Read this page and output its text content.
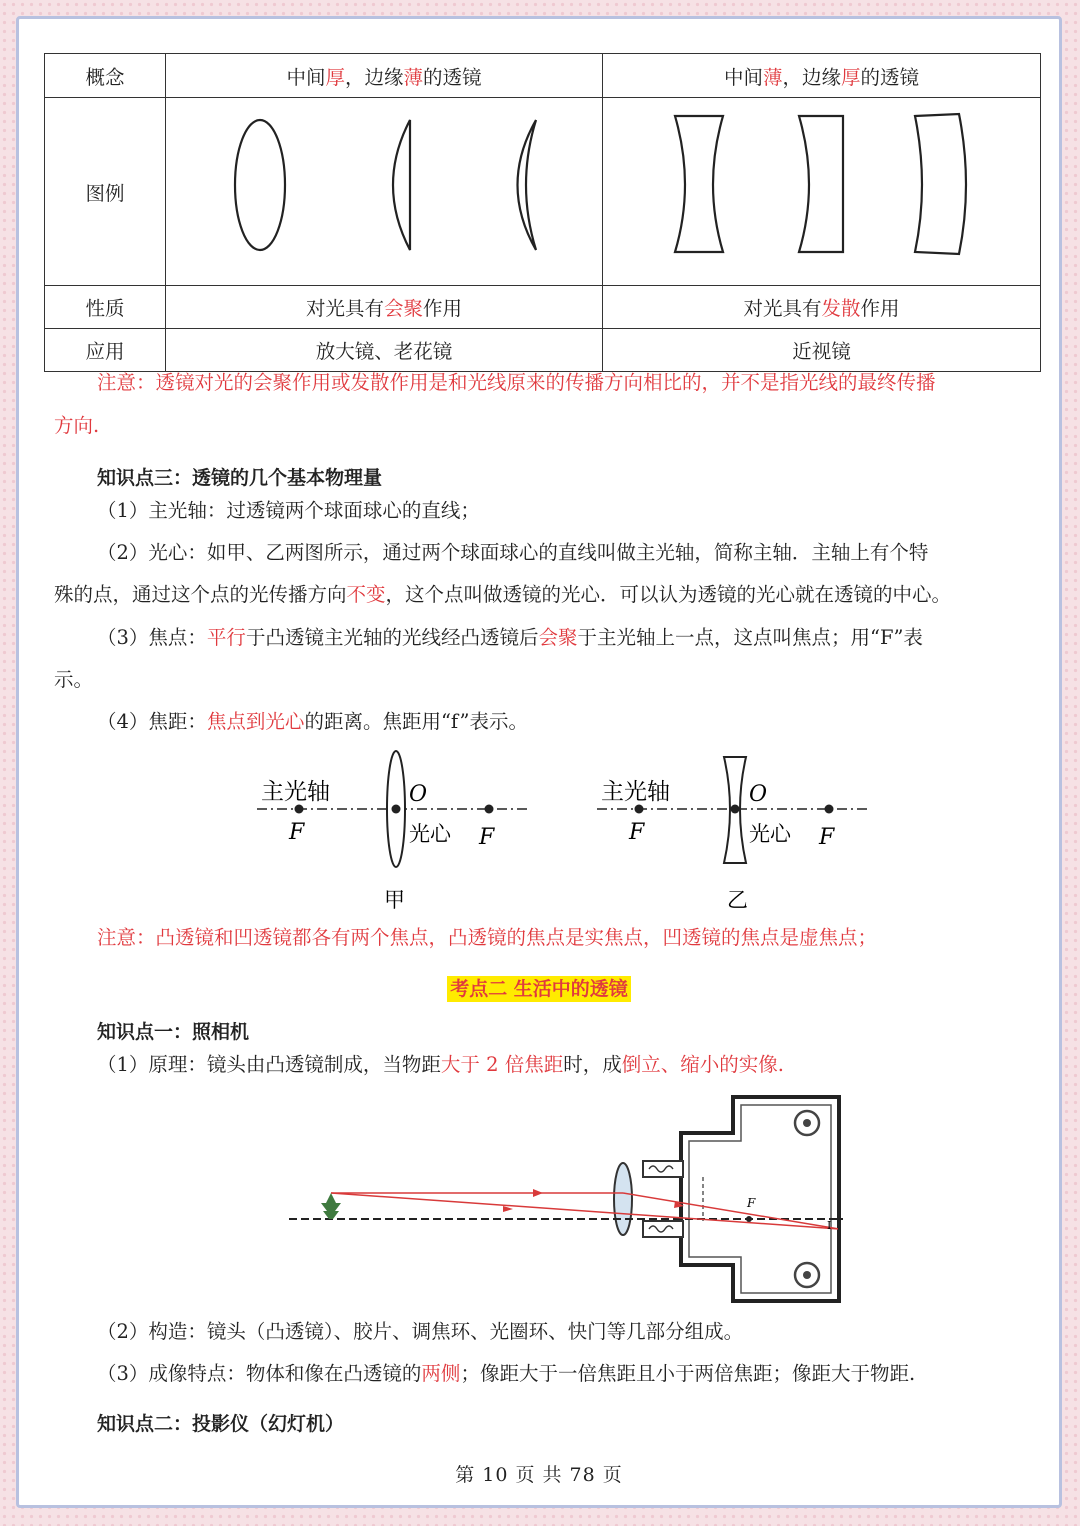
概念	中间厚，边缘薄的透镜	中间薄，边缘厚的透镜
图例		
性质	对光具有会聚作用	对光具有发散作用
应用	放大镜、老花镜	近视镜
注意：透镜对光的会聚作用或发散作用是和光线原来的传播方向相比的，并不是指光线的最终传播
方向.
知识点三：透镜的几个基本物理量
（1）主光轴：过透镜两个球面球心的直线；
（2）光心：如甲、乙两图所示，通过两个球面球心的直线叫做主光轴，简称主轴．主轴上有个特
殊的点，通过这个点的光传播方向不变，这个点叫做透镜的光心．可以认为透镜的光心就在透镜的中心。
（3）焦点：平行于凸透镜主光轴的光线经凸透镜后会聚于主光轴上一点，这点叫焦点；用“F”表
示。
（4）焦距：焦点到光心的距离。焦距用“f”表示。
主光轴
F
O
光心 F
甲
主光轴
F
O
光心 F
乙
注意：凸透镜和凹透镜都各有两个焦点，凸透镜的焦点是实焦点，凹透镜的焦点是虚焦点；
考点二 生活中的透镜
知识点一：照相机
（1）原理：镜头由凸透镜制成，当物距大于 2 倍焦距时，成倒立、缩小的实像.
F
I
（2）构造：镜头（凸透镜）、胶片、调焦环、光圈环、快门等几部分组成。
（3）成像特点：物体和像在凸透镜的两侧；像距大于一倍焦距且小于两倍焦距；像距大于物距.
知识点二：投影仪（幻灯机）
第 10 页 共 78 页
